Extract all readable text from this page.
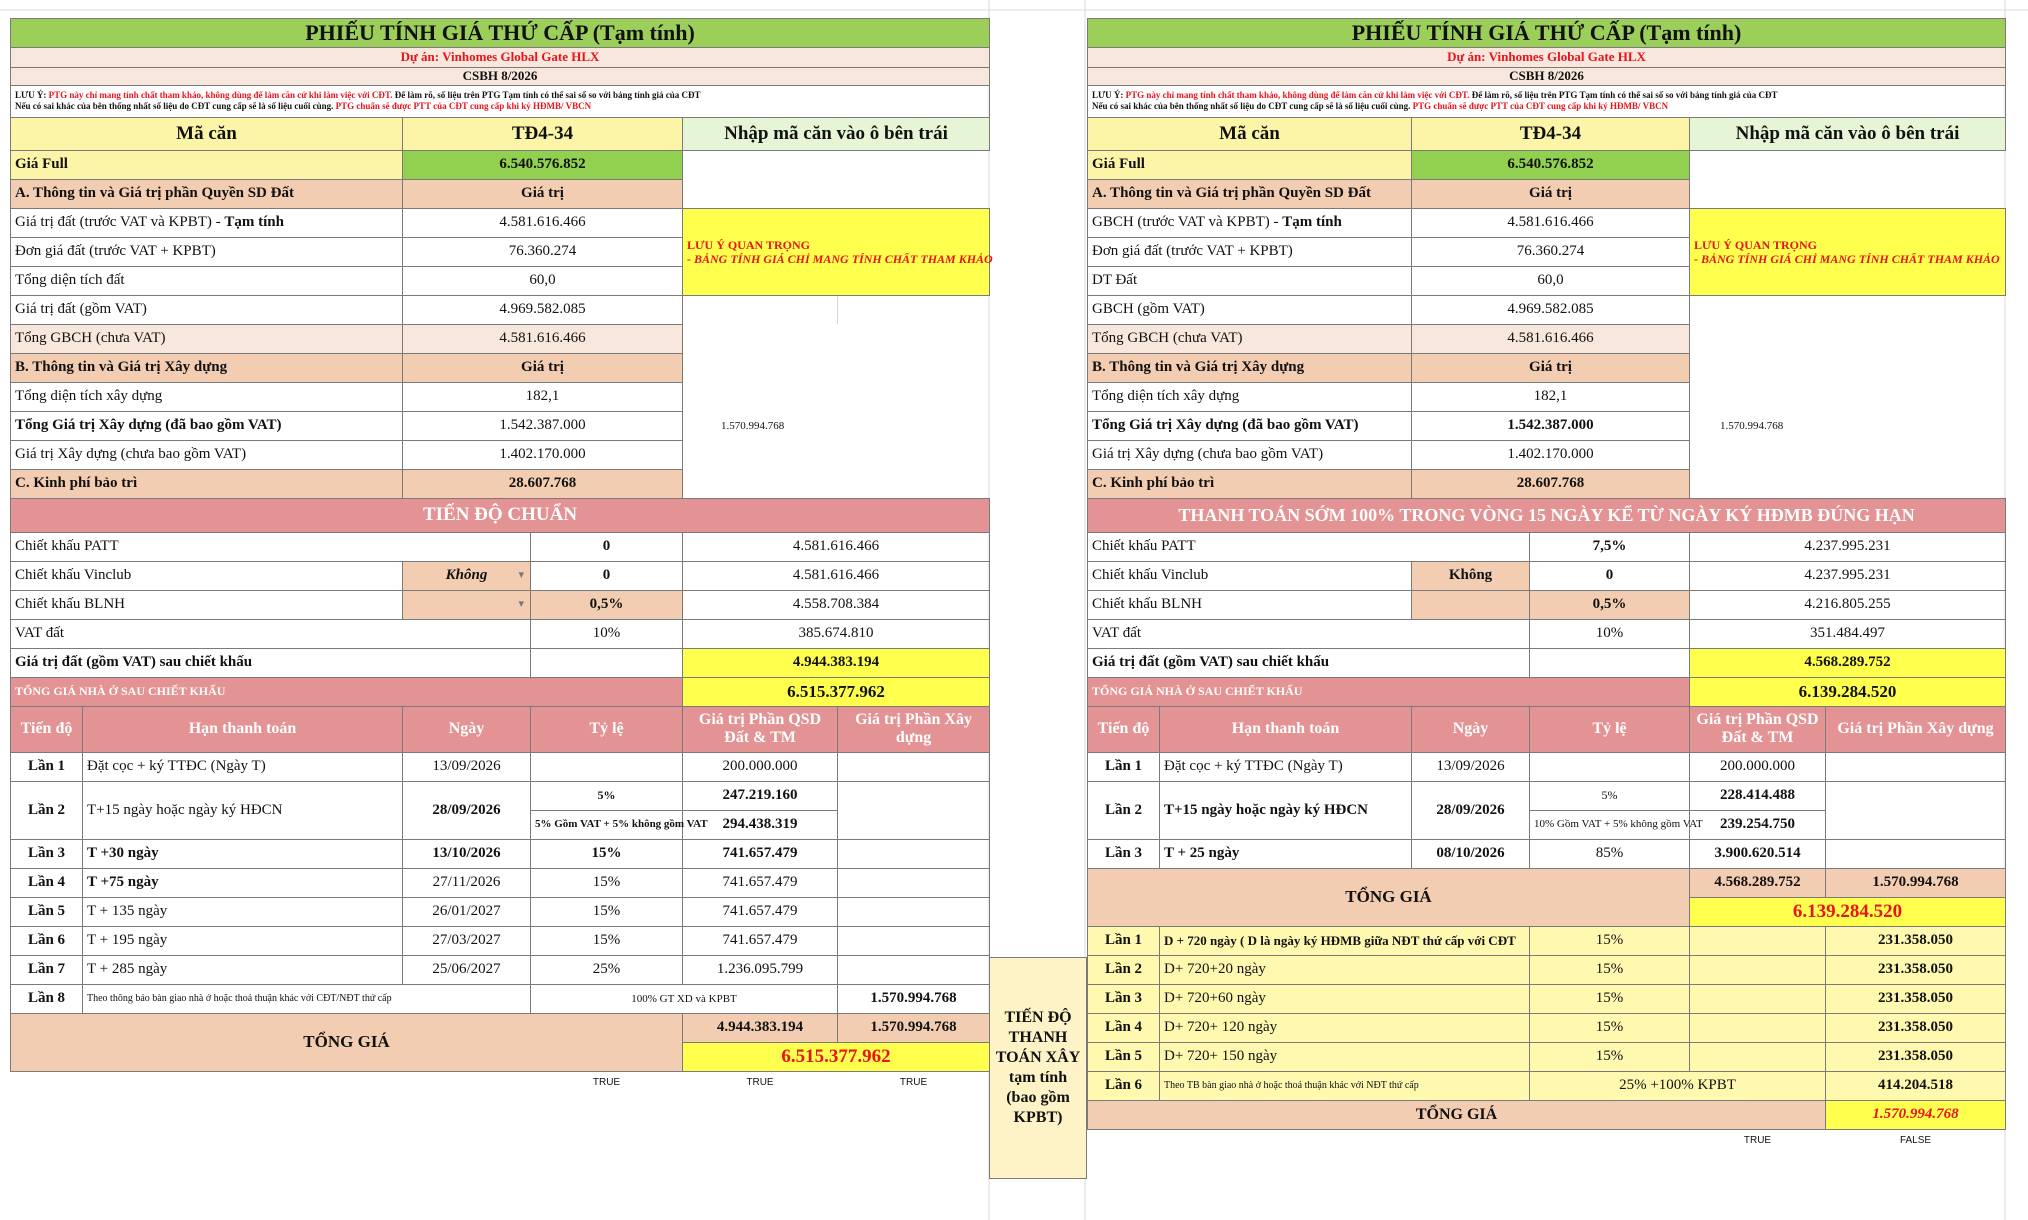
PHIẾU TÍNH GIÁ THỨ CẤP (Tạm tính)					
Dự án: Vinhomes Global Gate HLX					
CSBH 8/2026					
LƯU Ý: PTG này chỉ mang tính chất tham khảo, không dùng để làm căn cứ khi làm việc với CĐT. Để làm rõ, số liệu trên PTG Tạm tính có thể sai số so với bảng tính giá của CĐT
Nếu có sai khác của bên thống nhất số liệu do CĐT cung cấp sẽ là số liệu cuối cùng. PTG chuẩn sẽ được PTT của CĐT cung cấp khi ký HĐMB/ VBCN					
Mã căn		TĐ4-34		Nhập mã căn vào ô bên trái	
Giá Full		6.540.576.852			
A. Thông tin và Giá trị phần Quyền SD Đất		Giá trị			
Giá trị đất (trước VAT và KPBT) - Tạm tính		4.581.616.466		LƯU Ý QUAN TRỌNG
- BẢNG TÍNH GIÁ CHỈ MANG TÍNH CHẤT THAM KHẢO	

Đơn giá đất (trước VAT + KPBT)		76.360.274			
Tổng diện tích đất		60,0			
Giá trị đất (gồm VAT)		4.969.582.085			
Tổng GBCH (chưa VAT)		4.581.616.466			
B. Thông tin và Giá trị Xây dựng		Giá trị			
Tổng diện tích xây dựng		182,1			
Tổng Giá trị Xây dựng (đã bao gồm VAT)		1.542.387.000		1.570.994.768	
Giá trị Xây dựng (chưa bao gồm VAT)		1.402.170.000			
C. Kinh phí bảo trì		28.607.768			
TIẾN ĐỘ CHUẨN					
Chiết khấu PATT			0	4.581.616.466	
Chiết khấu Vinclub		Không ▾	0	4.581.616.466	
Chiết khấu BLNH	▾		0,5%	4.558.708.384	
VAT đất			10%	385.674.810	
Giá trị đất (gồm VAT) sau chiết khấu				4.944.383.194	
TỔNG GIÁ NHÀ Ở SAU CHIẾT KHẤU				6.515.377.962	
Tiến độ	Hạn thanh toán	Ngày	Tỷ lệ	Giá trị Phần QSD Đất & TM	Giá trị Phần Xây dựng
Lần 1	Đặt cọc + ký TTĐC (Ngày T)	13/09/2026		200.000.000	
Lần 2	T+15 ngày hoặc ngày ký HĐCN	28/09/2026	5%	247.219.160	
			5% Gồm VAT + 5% không gồm VAT	294.438.319	
Lần 3	T +30 ngày	13/10/2026	15%	741.657.479	
Lần 4	T +75 ngày	27/11/2026	15%	741.657.479	
Lần 5	T + 135 ngày	26/01/2027	15%	741.657.479	
Lần 6	T + 195 ngày	27/03/2027	15%	741.657.479	
Lần 7	T + 285 ngày	25/06/2027	25%	1.236.095.799	
Lần 8	Theo thông báo bàn giao nhà ở hoặc thoả thuận khác với CĐT/NĐT thứ cấp		100% GT XD và KPBT		1.570.994.768
TỔNG GIÁ				4.944.383.194	1.570.994.768
				6.515.377.962	
			TRUE	TRUE	TRUE

PHIẾU TÍNH GIÁ THỨ CẤP (Tạm tính)					
Dự án: Vinhomes Global Gate HLX					
CSBH 8/2026					
LƯU Ý: PTG này chỉ mang tính chất tham khảo, không dùng để làm căn cứ khi làm việc với CĐT. Để làm rõ, số liệu trên PTG Tạm tính có thể sai số so với bảng tính giá của CĐT
Nếu có sai khác của bên thống nhất số liệu do CĐT cung cấp sẽ là số liệu cuối cùng. PTG chuẩn sẽ được PTT của CĐT cung cấp khi ký HĐMB/ VBCN					
Mã căn		TĐ4-34		Nhập mã căn vào ô bên trái	
Giá Full		6.540.576.852			
A. Thông tin và Giá trị phần Quyền SD Đất		Giá trị			
GBCH (trước VAT và KPBT) - Tạm tính		4.581.616.466		LƯU Ý QUAN TRỌNG
- BẢNG TÍNH GIÁ CHỈ MANG TÍNH CHẤT THAM KHẢO	

Đơn giá đất (trước VAT + KPBT)		76.360.274			
DT Đất		60,0			
GBCH (gồm VAT)		4.969.582.085			
Tổng GBCH (chưa VAT)		4.581.616.466			
B. Thông tin và Giá trị Xây dựng		Giá trị			
Tổng diện tích xây dựng		182,1			
Tổng Giá trị Xây dựng (đã bao gồm VAT)		1.542.387.000		1.570.994.768	
Giá trị Xây dựng (chưa bao gồm VAT)		1.402.170.000			
C. Kinh phí bảo trì		28.607.768			
THANH TOÁN SỚM 100% TRONG VÒNG 15 NGÀY KỂ TỪ NGÀY KÝ HĐMB ĐÚNG HẠN					
Chiết khấu PATT			7,5%	4.237.995.231	
Chiết khấu Vinclub		Không	0	4.237.995.231	
Chiết khấu BLNH			0,5%	4.216.805.255	
VAT đất			10%	351.484.497	
Giá trị đất (gồm VAT) sau chiết khấu				4.568.289.752	
TỔNG GIÁ NHÀ Ở SAU CHIẾT KHẤU				6.139.284.520	
Tiến độ	Hạn thanh toán	Ngày	Tỷ lệ	Giá trị Phần QSD Đất & TM	Giá trị Phần Xây dựng
Lần 1	Đặt cọc + ký TTĐC (Ngày T)	13/09/2026		200.000.000	
Lần 2	T+15 ngày hoặc ngày ký HĐCN	28/09/2026	5%	228.414.488	
			10% Gồm VAT + 5% không gồm VAT	239.254.750	
Lần 3	T + 25 ngày	08/10/2026	85%	3.900.620.514	
TỔNG GIÁ				4.568.289.752	1.570.994.768
				6.139.284.520	
Lần 1	D + 720 ngày ( D là ngày ký HĐMB giữa NĐT thứ cấp với CĐT		15%		231.358.050
Lần 2	D+ 720+20 ngày		15%		231.358.050
Lần 3	D+ 720+60 ngày		15%		231.358.050
Lần 4	D+ 720+ 120 ngày		15%		231.358.050
Lần 5	D+ 720+ 150 ngày		15%		231.358.050
Lần 6	Theo TB bàn giao nhà ở hoặc thoả thuận khác với NĐT thứ cấp		25% +100% KPBT		414.204.518
TỔNG GIÁ					1.570.994.768
				TRUE	FALSE
TIẾN ĐỘ THANH TOÁN XÂY tạm tính (bao gồm KPBT)
